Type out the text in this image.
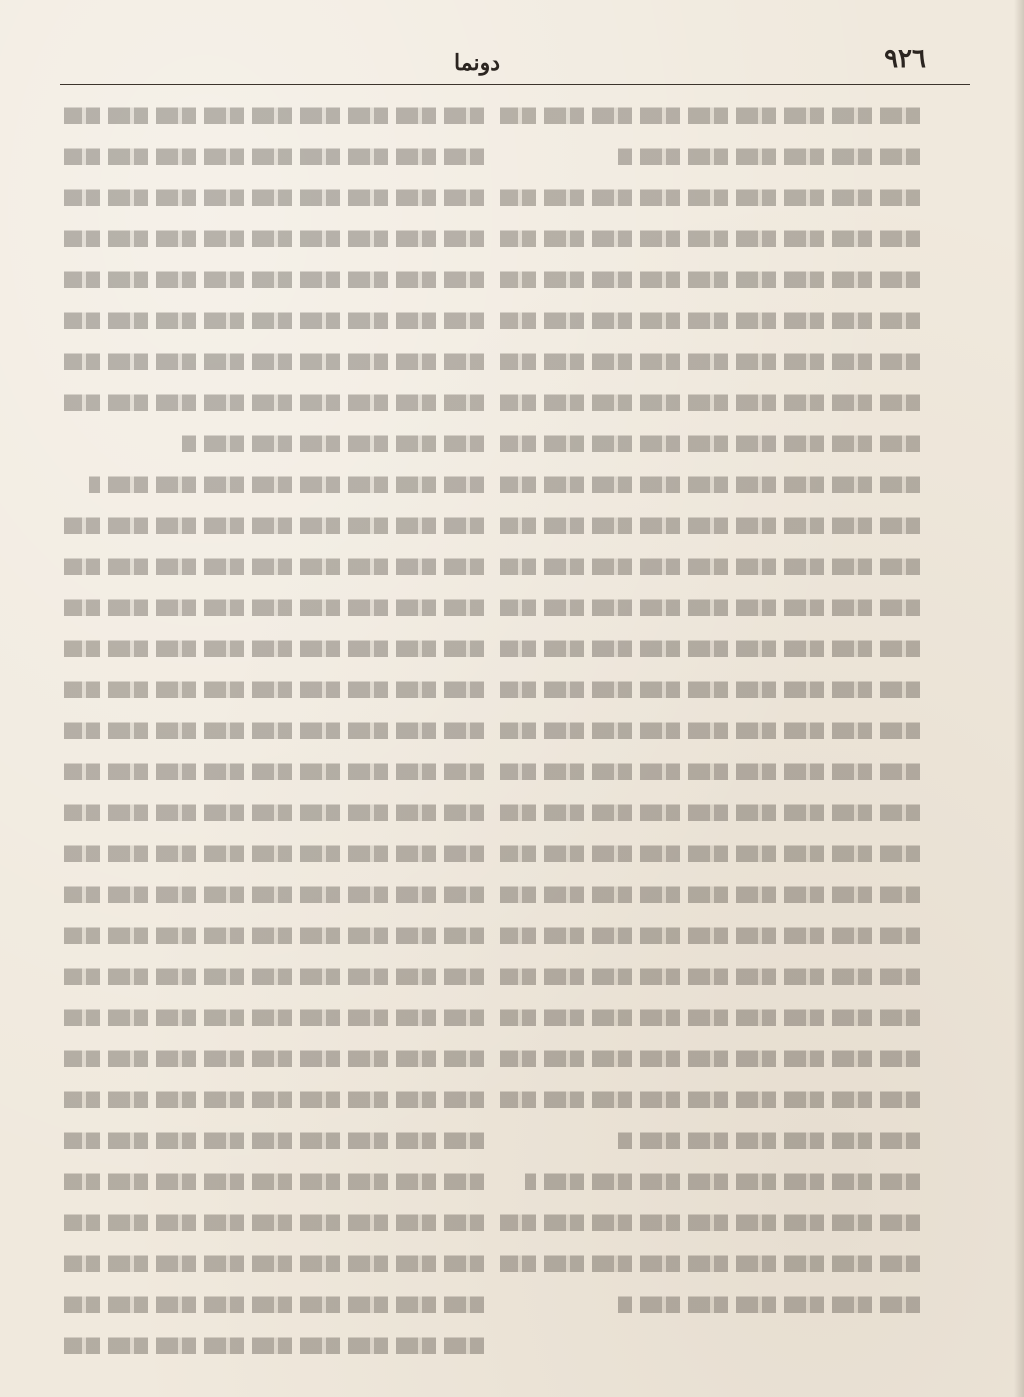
٩٢٦
دونما
